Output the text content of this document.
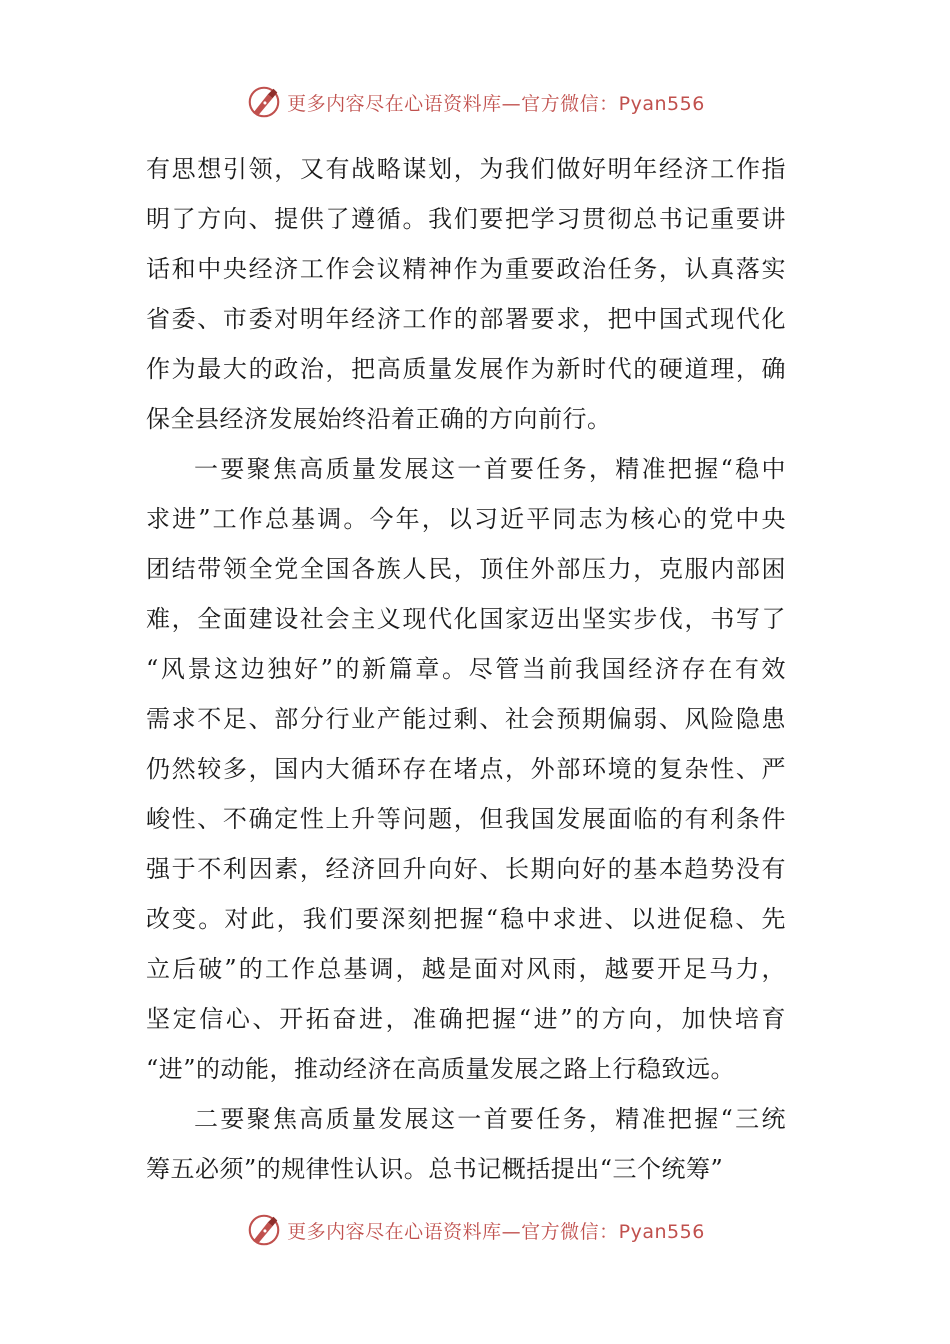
更多内容尽在心语资料库—官方微信：Pyan556
有思想引领，又有战略谋划，为我们做好明年经济工作指
明了方向、提供了遵循。我们要把学习贯彻总书记重要讲
话和中央经济工作会议精神作为重要政治任务，认真落实
省委、市委对明年经济工作的部署要求，把中国式现代化
作为最大的政治，把高质量发展作为新时代的硬道理，确
保全县经济发展始终沿着正确的方向前行。
一要聚焦高质量发展这一首要任务，精准把握“稳中
求进”工作总基调。今年，以习近平同志为核心的党中央
团结带领全党全国各族人民，顶住外部压力，克服内部困
难，全面建设社会主义现代化国家迈出坚实步伐，书写了
“风景这边独好”的新篇章。尽管当前我国经济存在有效
需求不足、部分行业产能过剩、社会预期偏弱、风险隐患
仍然较多，国内大循环存在堵点，外部环境的复杂性、严
峻性、不确定性上升等问题，但我国发展面临的有利条件
强于不利因素，经济回升向好、长期向好的基本趋势没有
改变。对此，我们要深刻把握“稳中求进、以进促稳、先
立后破”的工作总基调，越是面对风雨，越要开足马力，
坚定信心、开拓奋进，准确把握“进”的方向，加快培育
“进”的动能，推动经济在高质量发展之路上行稳致远。
二要聚焦高质量发展这一首要任务，精准把握“三统
筹五必须”的规律性认识。总书记概括提出“三个统筹”
更多内容尽在心语资料库—官方微信：Pyan556
